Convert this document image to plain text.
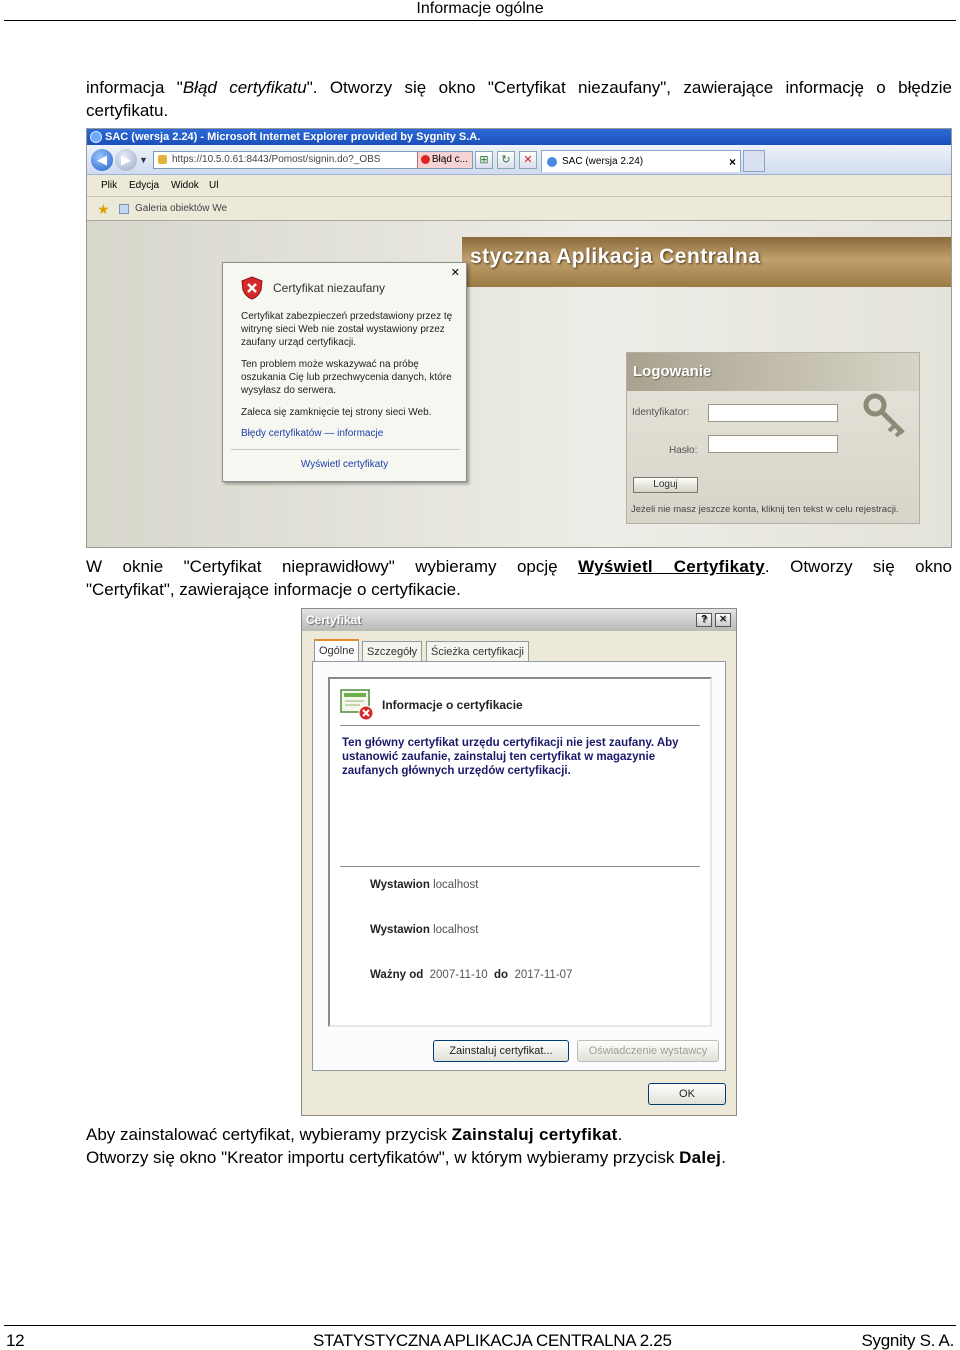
Informacje ogólne
informacja "Błąd certyfikatu". Otworzy się okno "Certyfikat niezaufany", zawierające informację o błędzie
certyfikatu.
SAC (wersja 2.24) - Microsoft Internet Explorer provided by Sygnity S.A.
◀	▶ ▼	https://10.5.0.61:8443/Pomost/signin.do?_OBS	Błąd c...	⊞	↻	✕	SAC (wersja 2.24)	×
Plik Edycja Widok Ul
★	Galeria obiektów We
styczna Aplikacja Centralna
Logowanie
Identyfikator:
Hasło:
Loguj
Jeżeli nie masz jeszcze konta, kliknij ten tekst w celu rejestracji.
✕
Certyfikat niezaufany
Certyfikat zabezpieczeń przedstawiony przez tę witrynę sieci Web nie został wystawiony przez zaufany urząd certyfikacji.
Ten problem może wskazywać na próbę oszukania Cię lub przechwycenia danych, które wysyłasz do serwera.
Zaleca się zamknięcie tej strony sieci Web.
Błędy certyfikatów — informacje
Wyświetl certyfikaty
W oknie "Certyfikat nieprawidłowy" wybieramy opcję Wyświetl Certyfikaty. Otworzy się okno
"Certyfikat", zawierające informacje o certyfikacie.
Certyfikat	?	✕
Ogólne	Szczegóły	Ścieżka certyfikacji
Informacje o certyfikacie
Ten główny certyfikat urzędu certyfikacji nie jest zaufany. Aby ustanowić zaufanie, zainstaluj ten certyfikat w magazynie zaufanych głównych urzędów certyfikacji.
Wystawion localhost
Wystawion localhost
Ważny od 2007-11-10 do 2017-11-07
Zainstaluj certyfikat...	Oświadczenie wystawcy
OK
Aby zainstalować certyfikat, wybieramy przycisk Zainstaluj certyfikat.
Otworzy się okno "Kreator importu certyfikatów", w którym wybieramy przycisk Dalej.
12	STATYSTYCZNA APLIKACJA CENTRALNA 2.25	Sygnity S. A.
